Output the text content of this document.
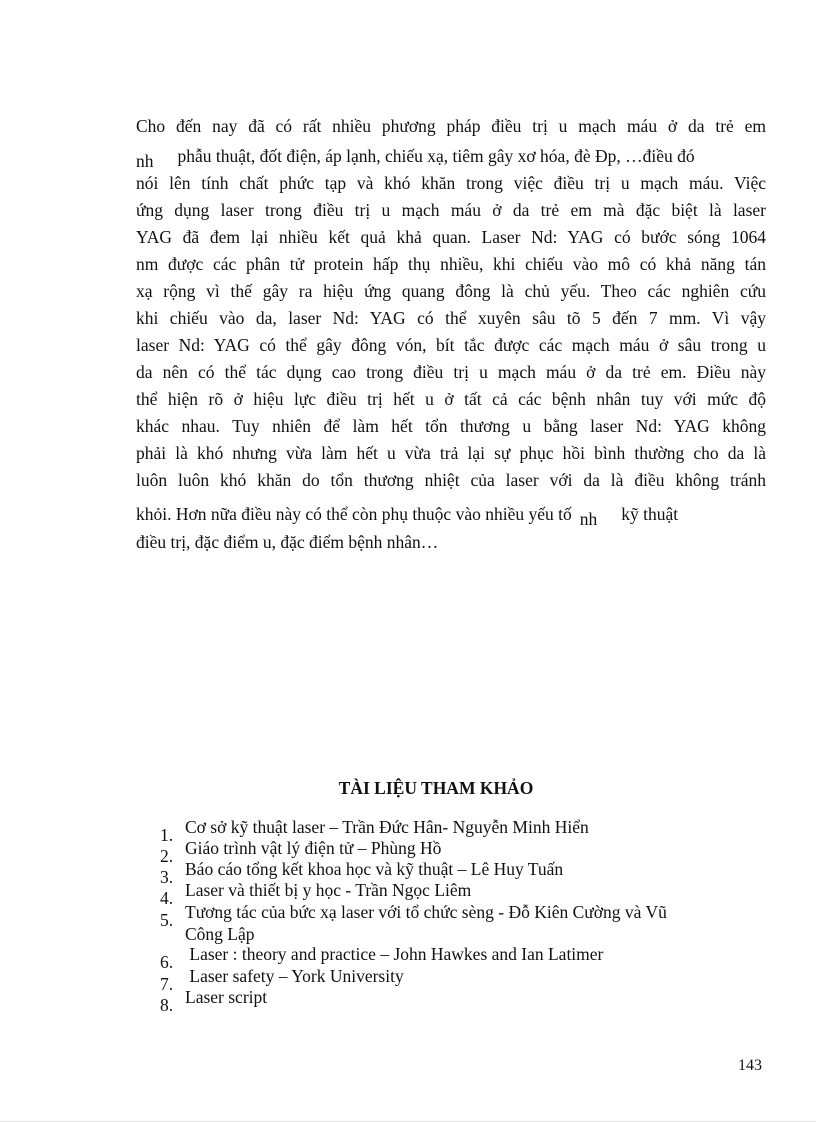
Cho đến nay đã có rất nhiều phương pháp điều trị u mạch máu ở da trẻ em

nh phẫu thuật, đốt điện, áp lạnh, chiếu xạ, tiêm gây xơ hóa, đè Đp, …điều đó

nói lên tính chất phức tạp và khó khăn trong việc điều trị u mạch máu. Việc

ứng dụng laser trong điều trị u mạch máu ở da trẻ em mà đặc biệt là laser

YAG đã đem lại nhiều kết quả khả quan. Laser Nd: YAG có bước sóng 1064

nm được các phân tử protein hấp thụ nhiều, khi chiếu vào mô có khả năng tán

xạ rộng vì thế gây ra hiệu ứng quang đông là chủ yếu. Theo các nghiên cứu

khi chiếu vào da, laser Nd: YAG có thể xuyên sâu tõ 5 đến 7 mm. Vì vậy

laser Nd: YAG có thể gây đông vón, bít tắc được các mạch máu ở sâu trong u

da nên có thể tác dụng cao trong điều trị u mạch máu ở da trẻ em. Điều này

thể hiện rõ ở hiệu lực điều trị hết u ở tất cả các bệnh nhân tuy với mức độ

khác nhau. Tuy nhiên để làm hết tổn thương u bằng laser Nd: YAG không

phải là khó nhưng vừa làm hết u vừa trả lại sự phục hồi bình thường cho da là

luôn luôn khó khăn do tổn thương nhiệt của laser với da là điều không tránh

khỏi. Hơn nữa điều này có thể còn phụ thuộc vào nhiều yếu tố nh kỹ thuật

điều trị, đặc điểm u, đặc điểm bệnh nhân…

TÀI LIỆU THAM KHẢO
1. Cơ sở kỹ thuật laser – Trần Đức Hân- Nguyễn Minh Hiển
2. Giáo trình vật lý điện tử – Phùng Hồ
3. Báo cáo tổng kết khoa học và kỹ thuật – Lê Huy Tuấn
4. Laser và thiết bị y học - Trần Ngọc Liêm
5. Tương tác của bức xạ laser với tổ chức sèng - Đỗ Kiên Cường và Vũ
Công Lập
6. Laser : theory and practice – John Hawkes and Ian Latimer
7. Laser safety – York University
8. Laser script

143
